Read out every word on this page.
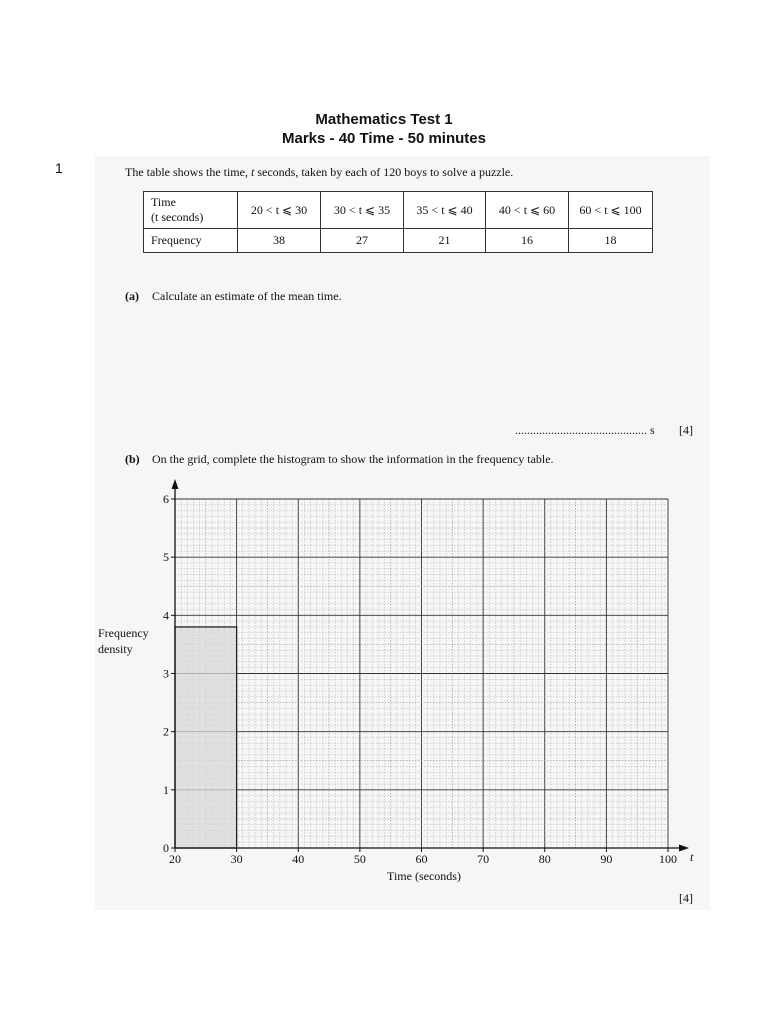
Mathematics Test 1
Marks - 40 Time - 50 minutes
1	The table shows the time, t seconds, taken by each of 120 boys to solve a puzzle.
Time
(t seconds)	20 < t ⩽ 30	30 < t ⩽ 35	35 < t ⩽ 40	40 < t ⩽ 60	60 < t ⩽ 100
Frequency	38	27	21	16	18
(a) Calculate an estimate of the mean time.
............................................ s [4]
(b) On the grid, complete the histogram to show the information in the frequency table.
20	30	40	50	60	70	80	90	100
0
1
2
3
4
5
6
Frequency
density
Time (seconds)
t
[4]
